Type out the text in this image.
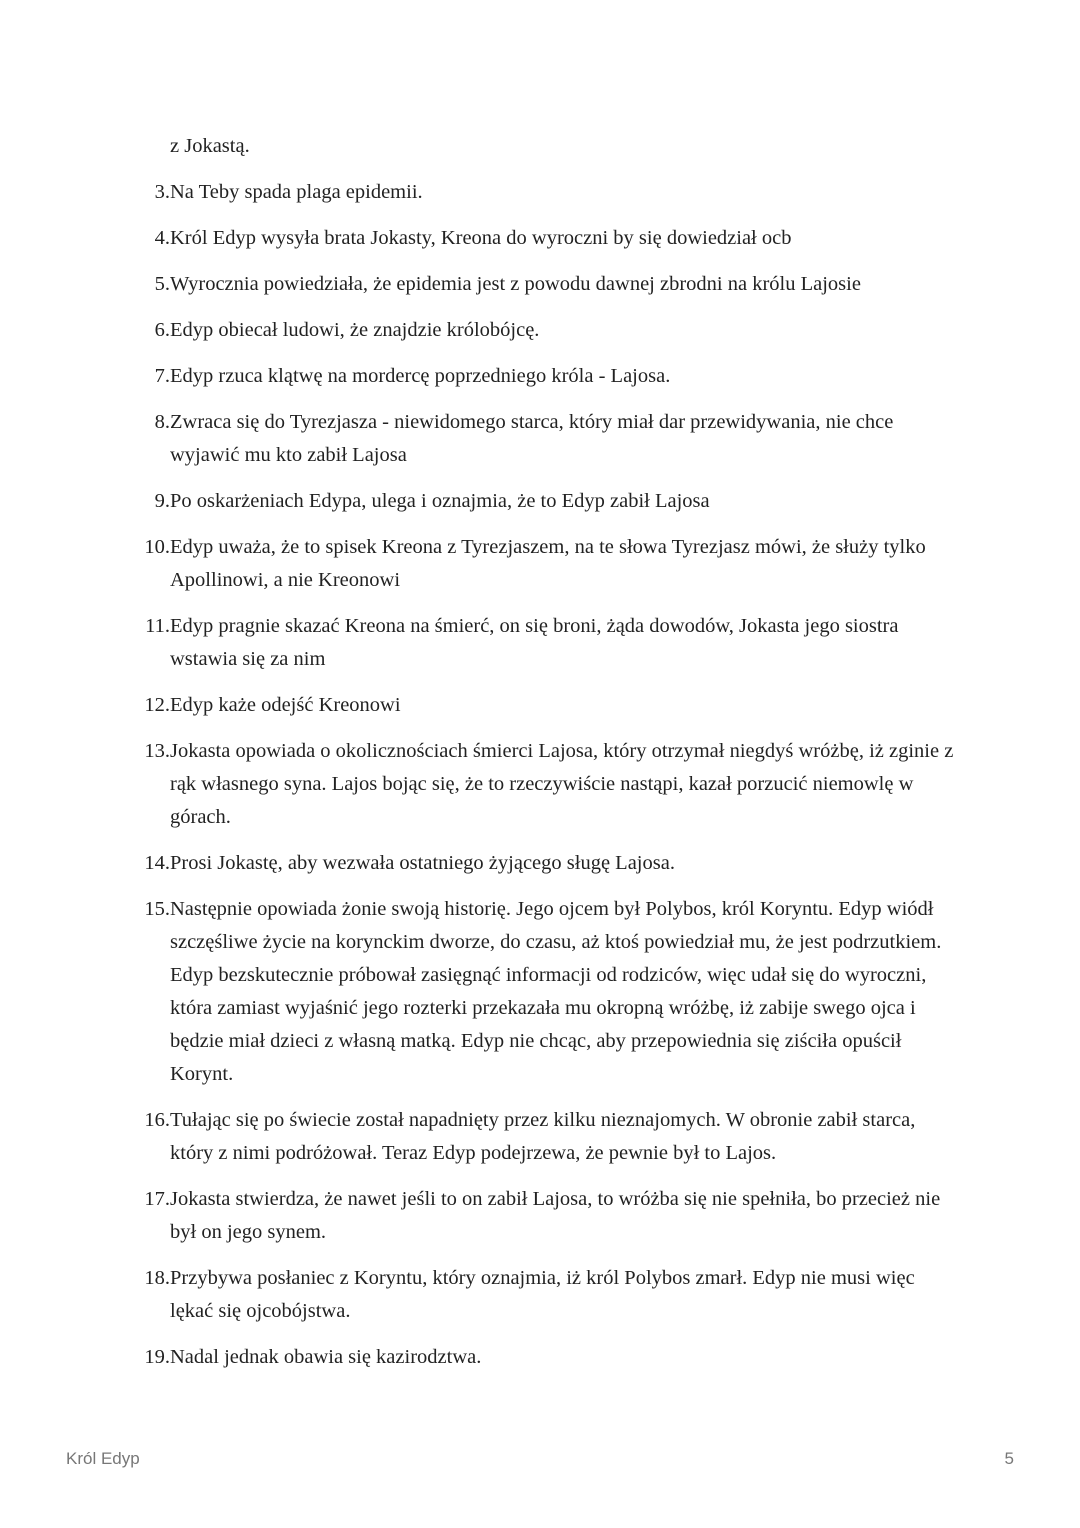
z Jokastą.
3. Na Teby spada plaga epidemii.
4. Król Edyp wysyła brata Jokasty, Kreona do wyroczni by się dowiedział ocb
5. Wyrocznia powiedziała, że epidemia jest z powodu dawnej zbrodni na królu Lajosie
6. Edyp obiecał ludowi, że znajdzie królobójcę.
7. Edyp rzuca klątwę na mordercę poprzedniego króla - Lajosa.
8. Zwraca się do Tyrezjasza - niewidomego starca, który miał dar przewidywania, nie chce wyjawić mu kto zabił Lajosa
9. Po oskarżeniach Edypa, ulega i oznajmia, że to Edyp zabił Lajosa
10. Edyp uważa, że to spisek Kreona z Tyrezjaszem, na te słowa Tyrezjasz mówi, że służy tylko Apollinowi, a nie Kreonowi
11. Edyp pragnie skazać Kreona na śmierć, on się broni, żąda dowodów, Jokasta jego siostra wstawia się za nim
12. Edyp każe odejść Kreonowi
13. Jokasta opowiada o okolicznościach śmierci Lajosa, który otrzymał niegdyś wróżbę, iż zginie z rąk własnego syna. Lajos bojąc się, że to rzeczywiście nastąpi, kazał porzucić niemowlę w górach.
14. Prosi Jokastę, aby wezwała ostatniego żyjącego sługę Lajosa.
15. Następnie opowiada żonie swoją historię. Jego ojcem był Polybos, król Koryntu. Edyp wiódł szczęśliwe życie na korynckim dworze, do czasu, aż ktoś powiedział mu, że jest podrzutkiem. Edyp bezskutecznie próbował zasięgnąć informacji od rodziców, więc udał się do wyroczni, która zamiast wyjaśnić jego rozterki przekazała mu okropną wróżbę, iż zabije swego ojca i będzie miał dzieci z własną matką. Edyp nie chcąc, aby przepowiednia się ziściła opuścił Korynt.
16. Tułając się po świecie został napadnięty przez kilku nieznajomych. W obronie zabił starca, który z nimi podróżował. Teraz Edyp podejrzewa, że pewnie był to Lajos.
17. Jokasta stwierdza, że nawet jeśli to on zabił Lajosa, to wróżba się nie spełniła, bo przecież nie był on jego synem.
18. Przybywa posłaniec z Koryntu, który oznajmia, iż król Polybos zmarł. Edyp nie musi więc lękać się ojcobójstwa.
19. Nadal jednak obawia się kazirodztwa.
Król Edyp	5
